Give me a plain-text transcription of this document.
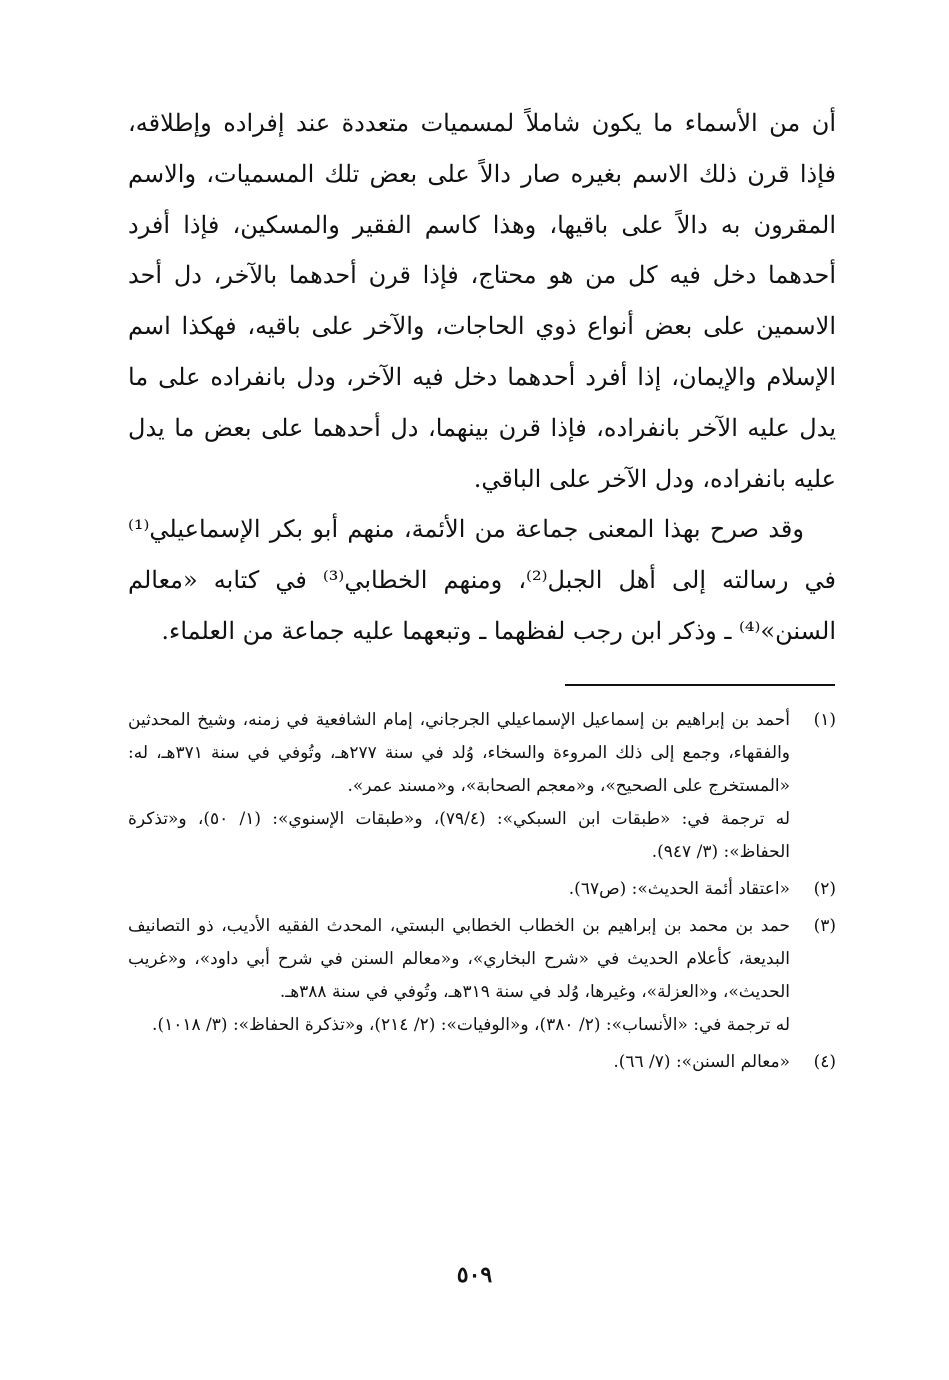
أن من الأسماء ما يكون شاملاً لمسميات متعددة عند إفراده وإطلاقه، فإذا قرن ذلك الاسم بغيره صار دالاً على بعض تلك المسميات، والاسم المقرون به دالاً على باقيها، وهذا كاسم الفقير والمسكين، فإذا أفرد أحدهما دخل فيه كل من هو محتاج، فإذا قرن أحدهما بالآخر، دل أحد الاسمين على بعض أنواع ذوي الحاجات، والآخر على باقيه، فهكذا اسم الإسلام والإيمان، إذا أفرد أحدهما دخل فيه الآخر، ودل بانفراده على ما يدل عليه الآخر بانفراده، فإذا قرن بينهما، دل أحدهما على بعض ما يدل عليه بانفراده، ودل الآخر على الباقي.

وقد صرح بهذا المعنى جماعة من الأئمة، منهم أبو بكر الإسماعيلي⁽¹⁾ في رسالته إلى أهل الجبل⁽²⁾، ومنهم الخطابي⁽³⁾ في كتابه «معالم السنن»⁽⁴⁾ ـ وذكر ابن رجب لفظهما ـ وتبعهما عليه جماعة من العلماء.

(١)

أحمد بن إبراهيم بن إسماعيل الإسماعيلي الجرجاني، إمام الشافعية في زمنه، وشيخ المحدثين والفقهاء، وجمع إلى ذلك المروءة والسخاء، وُلد في سنة ٢٧٧هـ، وتُوفي في سنة ٣٧١هـ، له: «المستخرج على الصحيح»، و«معجم الصحابة»، و«مسند عمر».

له ترجمة في: «طبقات ابن السبكي»: (٧٩/٤)، و«طبقات الإسنوي»: (١/ ٥٠)، و«تذكرة الحفاظ»: (٣/ ٩٤٧).

(٢)

«اعتقاد أئمة الحديث»: (ص٦٧).

(٣)

حمد بن محمد بن إبراهيم بن الخطاب الخطابي البستي، المحدث الفقيه الأديب، ذو التصانيف البديعة، كأعلام الحديث في «شرح البخاري»، و«معالم السنن في شرح أبي داود»، و«غريب الحديث»، و«العزلة»، وغيرها، وُلد في سنة ٣١٩هـ، وتُوفي في سنة ٣٨٨هـ.

له ترجمة في: «الأنساب»: (٢/ ٣٨٠)، و«الوفيات»: (٢/ ٢١٤)، و«تذكرة الحفاظ»: (٣/ ١٠١٨).

(٤)

«معالم السنن»: (٧/ ٦٦).

٥٠٩
